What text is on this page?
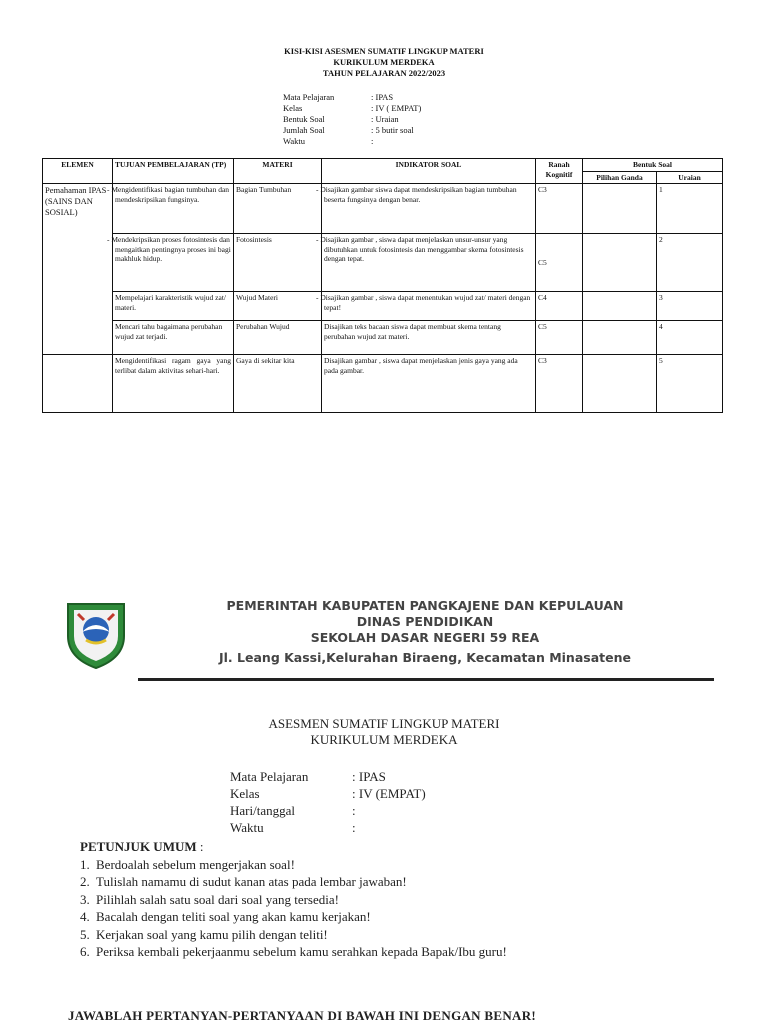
KISI-KISI ASESMEN SUMATIF LINGKUP MATERI
KURIKULUM MERDEKA
TAHUN PELAJARAN 2022/2023
Mata Pelajaran	: IPAS
Kelas	: IV ( EMPAT)
Bentuk Soal	: Uraian
Jumlah Soal	: 5 butir soal
Waktu	:
ELEMEN	TUJUAN PEMBELAJARAN (TP)	MATERI	INDIKATOR SOAL	Ranah Kognitif	Bentuk Soal	
					Pilihan Ganda	Uraian
Pemahaman IPAS (SAINS DAN SOSIAL)	- Mengidentifikasi bagian tumbuhan dan mendeskripsikan fungsinya.	Bagian Tumbuhan	- Disajikan gambar siswa dapat mendeskripsikan bagian tumbuhan beserta fungsinya dengan benar.	C3		1
	- Mendekripsikan proses fotosintesis dan mengaitkan pentingnya proses ini bagi makhluk hidup.	Fotosintesis	- Disajikan gambar , siswa dapat menjelaskan unsur-unsur yang dibutuhkan untuk fotosintesis dan menggambar skema fotosintesis dengan tepat.	C5		2
	Mempelajari karakteristik wujud zat/ materi.	Wujud Materi	- Disajikan gambar , siswa dapat menentukan wujud zat/ materi dengan tepat!	C4		3
	Mencari tahu bagaimana perubahan wujud zat terjadi.	Perubahan Wujud	Disajikan teks bacaan siswa dapat membuat skema tentang perubahan wujud zat materi.	C5		4
	Mengidentifikasi ragam gaya yang terlibat dalam aktivitas sehari-hari.	Gaya di sekitar kita	Disajikan gambar , siswa dapat menjelaskan jenis gaya yang ada pada gambar.	C3		5
PEMERINTAH KABUPATEN PANGKAJENE DAN KEPULAUAN
DINAS PENDIDIKAN
SEKOLAH DASAR NEGERI 59 REA
Jl. Leang Kassi,Kelurahan Biraeng, Kecamatan Minasatene
ASESMEN SUMATIF LINGKUP MATERI
KURIKULUM MERDEKA
Mata Pelajaran	: IPAS
Kelas	: IV (EMPAT)
Hari/tanggal	:
Waktu	:
PETUNJUK UMUM :
1. Berdoalah sebelum mengerjakan soal!
2. Tulislah namamu di sudut kanan atas pada lembar jawaban!
3. Pilihlah salah satu soal dari soal yang tersedia!
4. Bacalah dengan teliti soal yang akan kamu kerjakan!
5. Kerjakan soal yang kamu pilih dengan teliti!
6. Periksa kembali pekerjaanmu sebelum kamu serahkan kepada Bapak/Ibu guru!
JAWABLAH PERTANYAN-PERTANYAAN DI BAWAH INI DENGAN BENAR!
